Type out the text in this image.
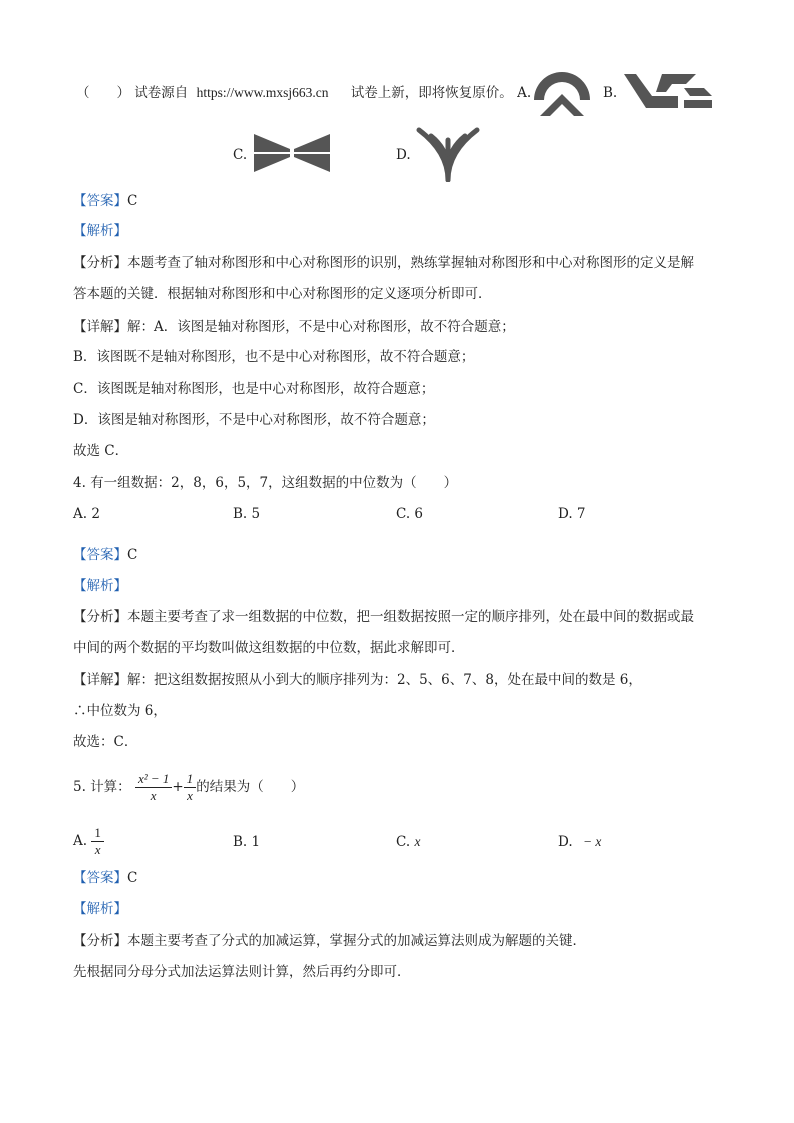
（　　） 试卷源自 https://www.mxsj663.cn 试卷上新，即将恢复原价。 A.	B.
C.	D.
【答案】C
【解析】
【分析】本题考查了轴对称图形和中心对称图形的识别，熟练掌握轴对称图形和中心对称图形的定义是解
答本题的关键．根据轴对称图形和中心对称图形的定义逐项分析即可．
【详解】解：A．该图是轴对称图形，不是中心对称图形，故不符合题意；
B．该图既不是轴对称图形，也不是中心对称图形，故不符合题意；
C．该图既是轴对称图形，也是中心对称图形，故符合题意；
D．该图是轴对称图形，不是中心对称图形，故不符合题意；
故选 C．
4. 有一组数据：2，8，6，5，7，这组数据的中位数为（　　）
A. 2	B. 5	C. 6	D. 7
【答案】C
【解析】
【分析】本题主要考查了求一组数据的中位数，把一组数据按照一定的顺序排列，处在最中间的数据或最
中间的两个数据的平均数叫做这组数据的中位数，据此求解即可．
【详解】解：把这组数据按照从小到大的顺序排列为：2、5、6、7、8，处在最中间的数是 6，
∴中位数为 6，
故选：C．
5. 计算： $\frac{\text{x² − 1}}{x} + \frac{1}{x}$ 的结果为（　　）
A. $\frac{1}{x}$	B. 1	C. x	D. − x
【答案】C
【解析】
【分析】本题主要考查了分式的加减运算，掌握分式的加减运算法则成为解题的关键．
先根据同分母分式加法运算法则计算，然后再约分即可．
